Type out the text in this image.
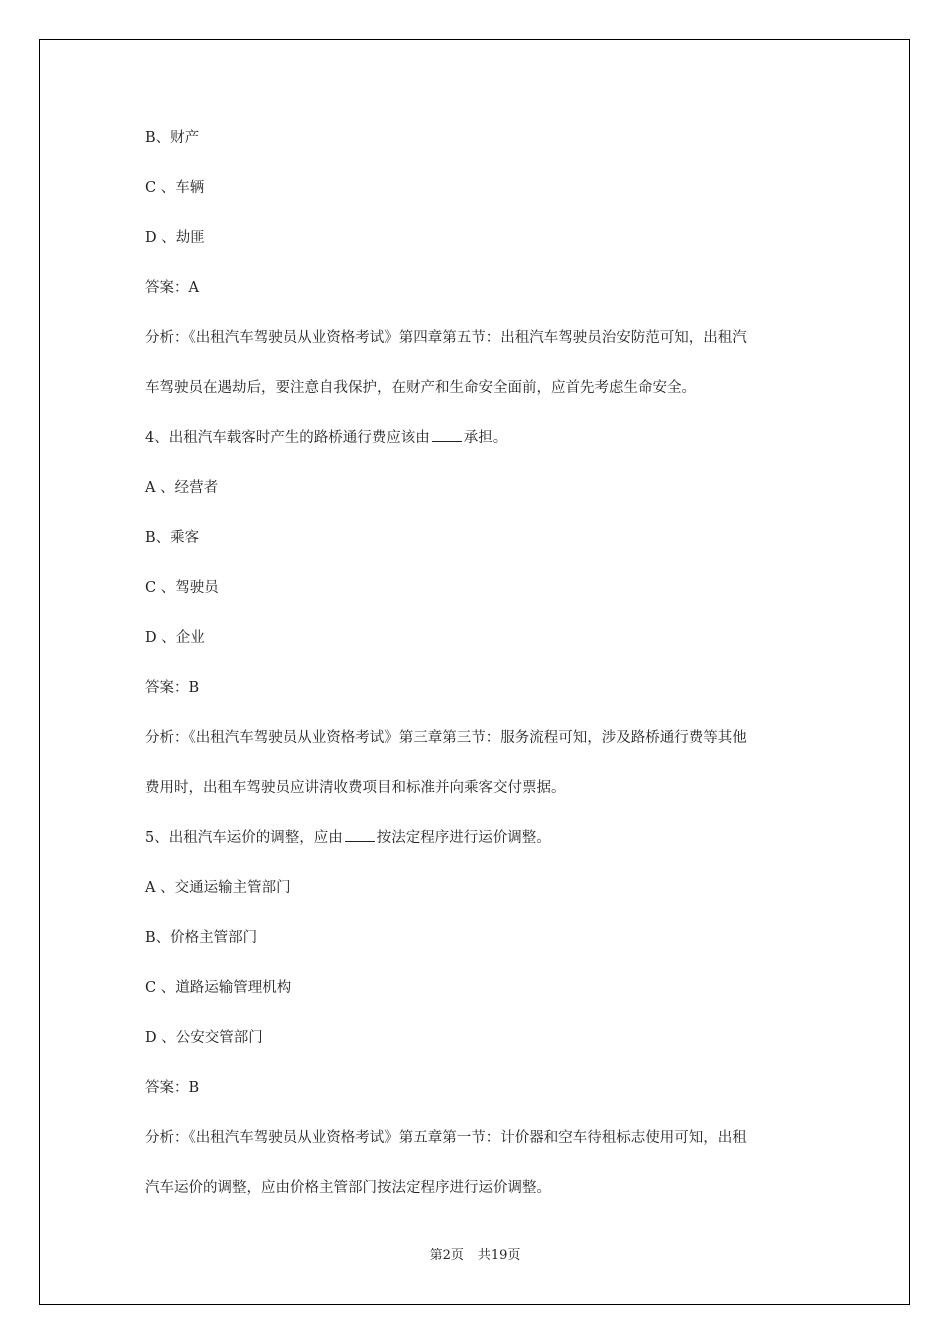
B、财产
C 、车辆
D 、劫匪
答案：A
分析：《出租汽车驾驶员从业资格考试》第四章第五节：出租汽车驾驶员治安防范可知，出租汽
车驾驶员在遇劫后，要注意自我保护，在财产和生命安全面前，应首先考虑生命安全。
4、出租汽车载客时产生的路桥通行费应该由 承担。
A 、经营者
B、乘客
C 、驾驶员
D 、企业
答案：B
分析：《出租汽车驾驶员从业资格考试》第三章第三节：服务流程可知，涉及路桥通行费等其他
费用时，出租车驾驶员应讲清收费项目和标准并向乘客交付票据。
5、出租汽车运价的调整，应由 按法定程序进行运价调整。
A 、交通运输主管部门
B、价格主管部门
C 、道路运输管理机构
D 、公安交管部门
答案：B
分析：《出租汽车驾驶员从业资格考试》第五章第一节：计价器和空车待租标志使用可知，出租
汽车运价的调整，应由价格主管部门按法定程序进行运价调整。
第2页 共19页
